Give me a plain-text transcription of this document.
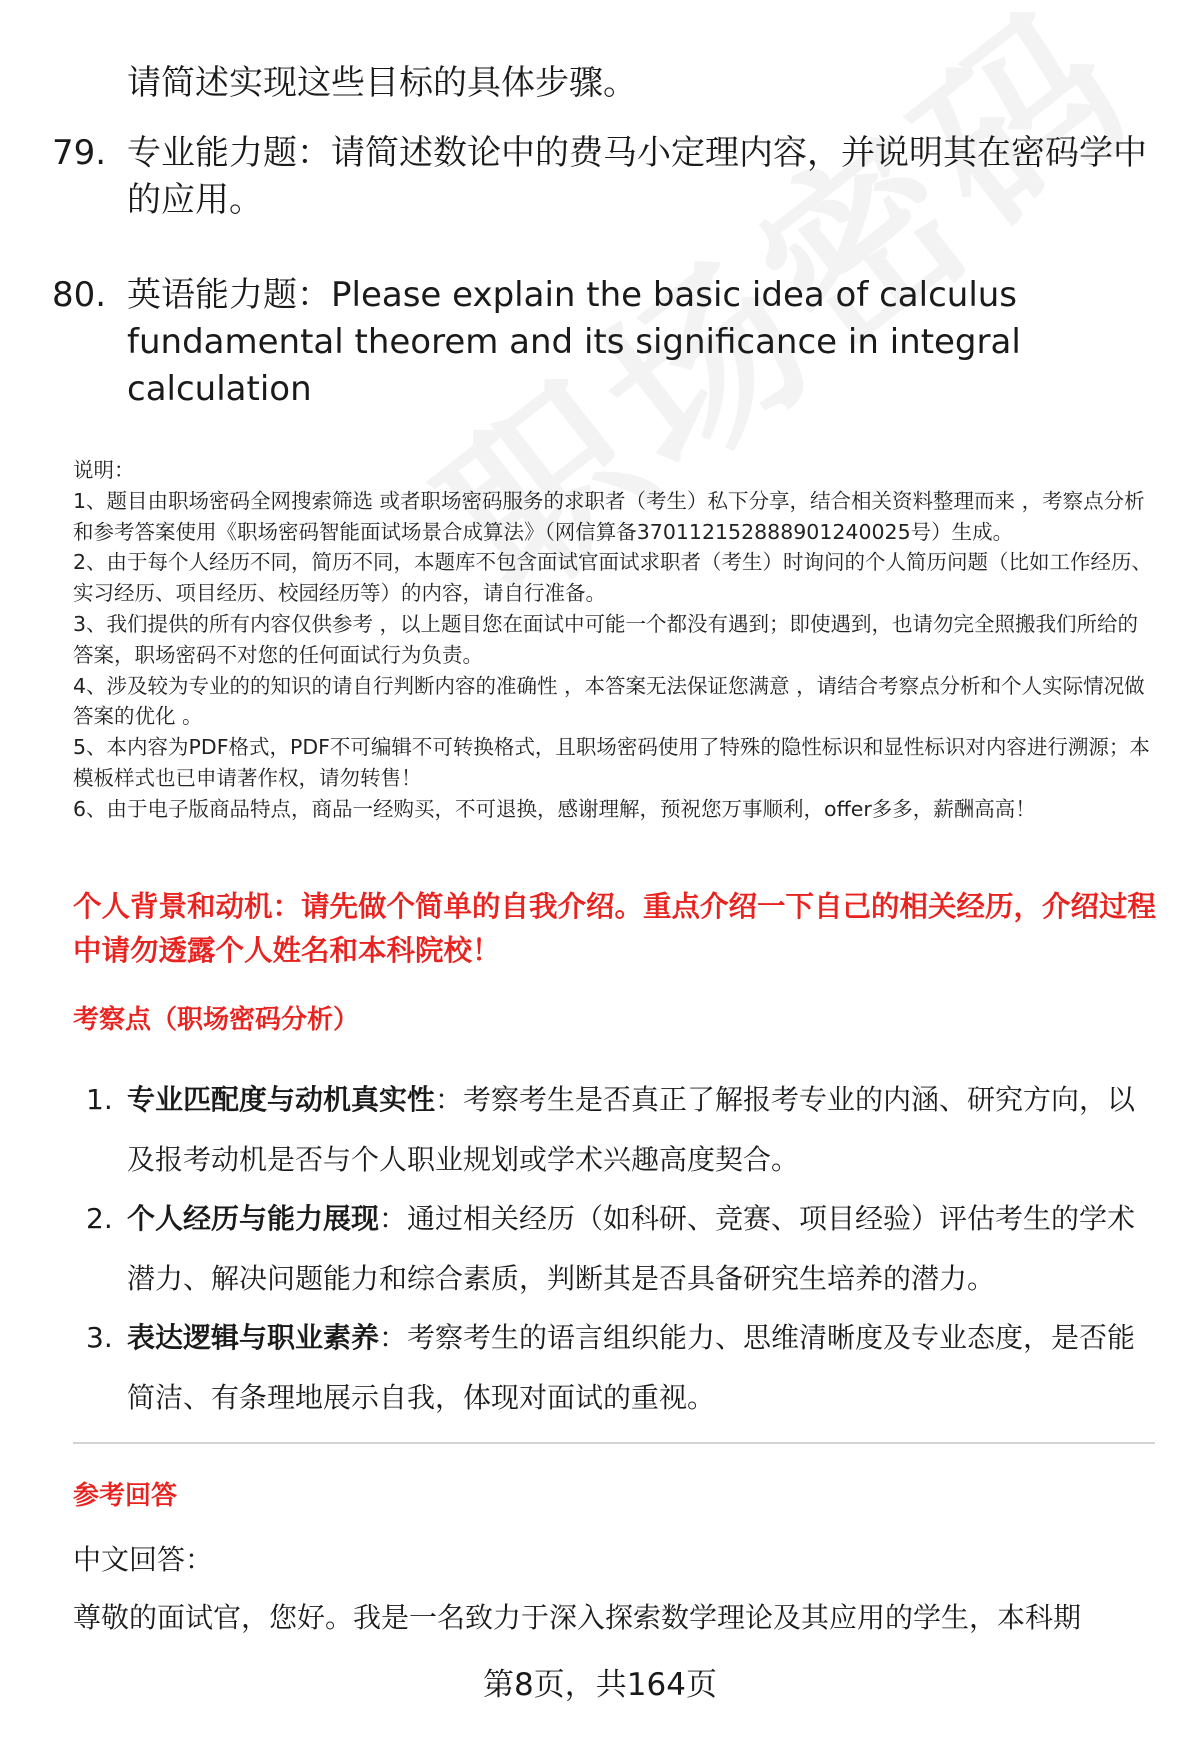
请简述实现这些目标的具体步骤。
79. 专业能力题：请简述数论中的费马小定理内容，并说明其在密码学中的应用。
80. 英语能力题：Please explain the basic idea of calculus fundamental theorem and its significance in integral calculation

说明：

1、题目由职场密码全网搜索筛选 或者职场密码服务的求职者（考生）私下分享，结合相关资料整理而来 ，考察点分析和参考答案使用《职场密码智能面试场景合成算法》（网信算备370112152888901240025号）生成。

2、由于每个人经历不同，简历不同，本题库不包含面试官面试求职者（考生）时询问的个人简历问题（比如工作经历、实习经历、项目经历、校园经历等）的内容，请自行准备。

3、我们提供的所有内容仅供参考 ，以上题目您在面试中可能一个都没有遇到；即使遇到，也请勿完全照搬我们所给的答案，职场密码不对您的任何面试行为负责。

4、涉及较为专业的的知识的请自行判断内容的准确性 ，本答案无法保证您满意 ，请结合考察点分析和个人实际情况做答案的优化 。

5、本内容为PDF格式，PDF不可编辑不可转换格式，且职场密码使用了特殊的隐性标识和显性标识对内容进行溯源；本模板样式也已申请著作权，请勿转售！

6、由于电子版商品特点，商品一经购买，不可退换，感谢理解，预祝您万事顺利，offer多多，薪酬高高！

个人背景和动机：请先做个简单的自我介绍。重点介绍一下自己的相关经历，介绍过程中请勿透露个人姓名和本科院校！
考察点（职场密码分析）
1. 专业匹配度与动机真实性：考察考生是否真正了解报考专业的内涵、研究方向，以及报考动机是否与个人职业规划或学术兴趣高度契合。
2. 个人经历与能力展现：通过相关经历（如科研、竞赛、项目经验）评估考生的学术潜力、解决问题能力和综合素质，判断其是否具备研究生培养的潜力。
3. 表达逻辑与职业素养：考察考生的语言组织能力、思维清晰度及专业态度，是否能简洁、有条理地展示自我，体现对面试的重视。
参考回答
中文回答：
尊敬的面试官，您好。我是一名致力于深入探索数学理论及其应用的学生，本科期
第8页，共164页
